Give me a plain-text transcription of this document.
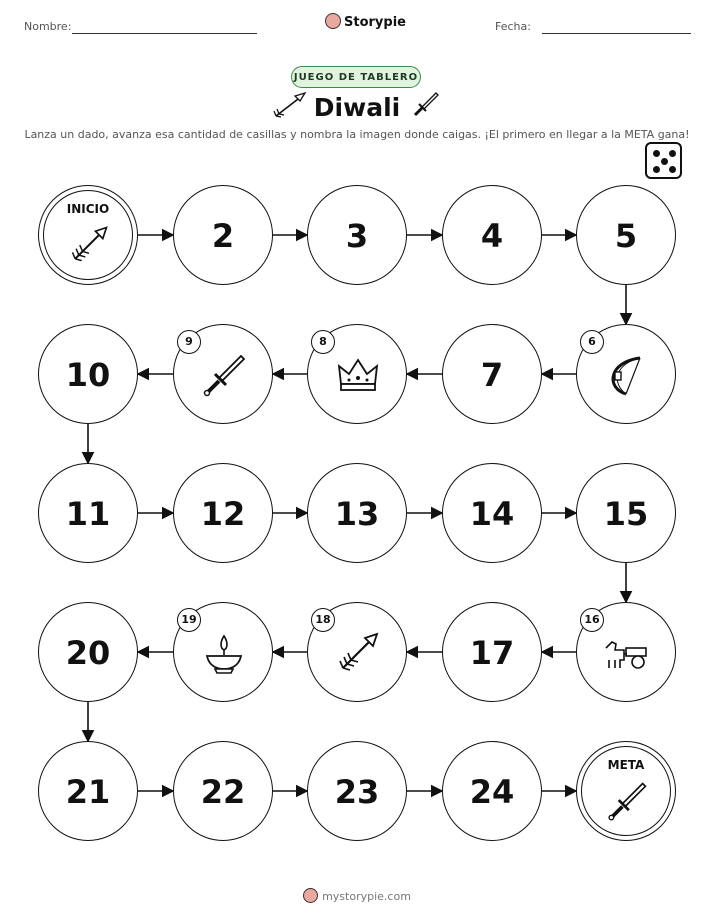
Nombre:	Storypie	Fecha:
JUEGO DE TABLERO
Diwali
Lanza un dado, avanza esa cantidad de casillas y nombra la imagen donde caigas. ¡El primero en llegar a la META gana!
INICIO
2	3	4	5
6
7
8
9
10
11	12	13	14	15
16
17
18
19
20
21	22	23	24
META
mystorypie.com
